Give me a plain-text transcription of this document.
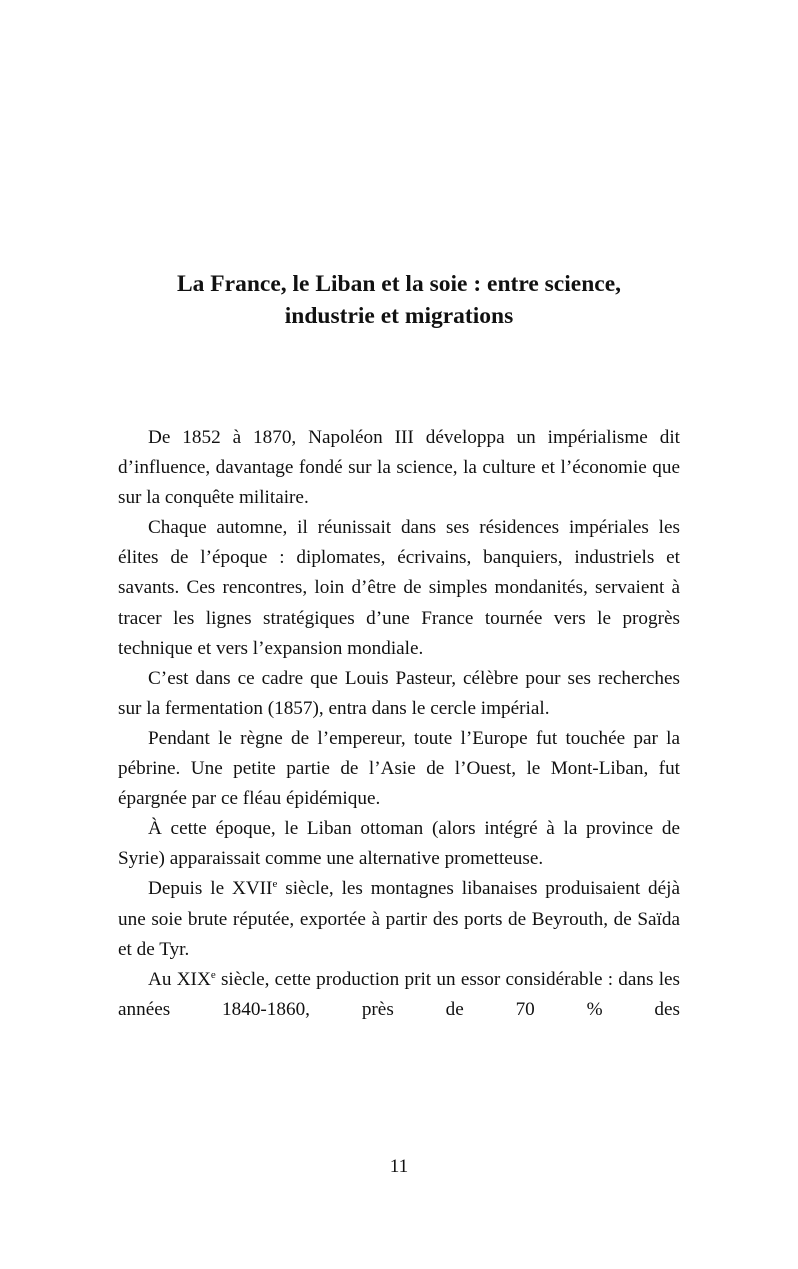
La France, le Liban et la soie : entre science,
industrie et migrations

De 1852 à 1870, Napoléon III développa un impérialisme dit d’influence, davantage fondé sur la science, la culture et l’économie que sur la conquête militaire.

Chaque automne, il réunissait dans ses résidences impériales les élites de l’époque : diplomates, écrivains, banquiers, industriels et savants. Ces rencontres, loin d’être de simples mondanités, servaient à tracer les lignes stratégiques d’une France tournée vers le progrès technique et vers l’expansion mondiale.

C’est dans ce cadre que Louis Pasteur, célèbre pour ses recherches sur la fermentation (1857), entra dans le cercle impérial.

Pendant le règne de l’empereur, toute l’Europe fut touchée par la pébrine. Une petite partie de l’Asie de l’Ouest, le Mont-Liban, fut épargnée par ce fléau épidémique.

À cette époque, le Liban ottoman (alors intégré à la province de Syrie) apparaissait comme une alternative prometteuse.

Depuis le XVIIe siècle, les montagnes libanaises produisaient déjà une soie brute réputée, exportée à partir des ports de Beyrouth, de Saïda et de Tyr.

Au XIXe siècle, cette production prit un essor considérable : dans les années 1840-1860, près de 70 % des

11
